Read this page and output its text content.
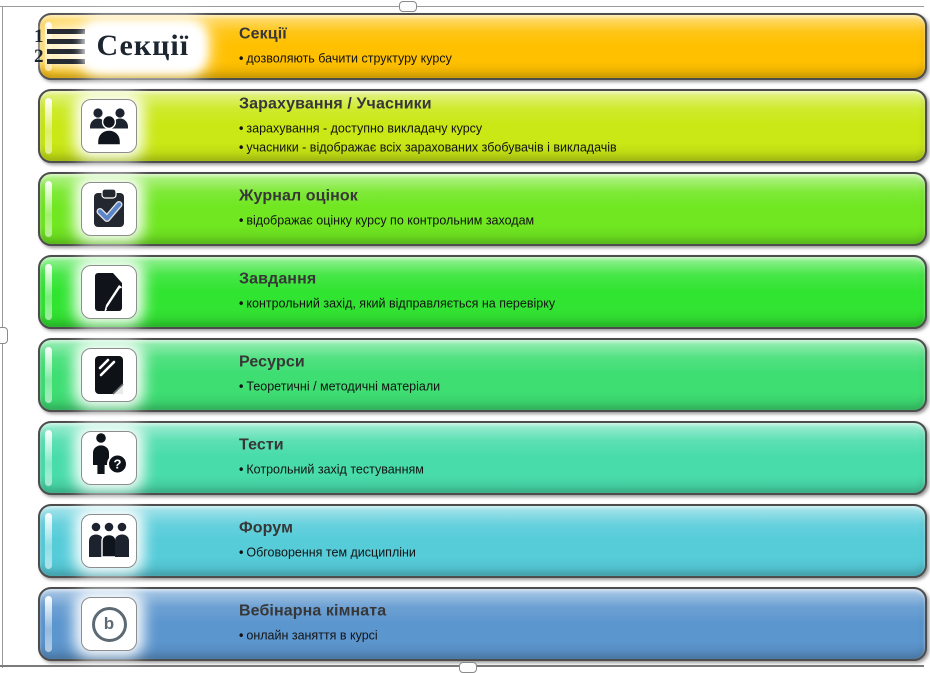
1
2	Секції	Секції
• дозволяють бачити структуру курсу
Зарахування / Учасники
• зарахування - доступно викладачу курсу
• учасники - відображає всіх зарахованих збобувачів і викладачів
Журнал оцінок
• відображає оцінку курсу по контрольним заходам
Завдання
• контрольний захід, який відправляється на перевірку
Ресурси
• Теоретичні / методичні матеріали
?
Тести
• Котрольний захід тестуванням
Форум
• Обговорення тем дисципліни
b
Вебінарна кімната
• онлайн заняття в курсі
